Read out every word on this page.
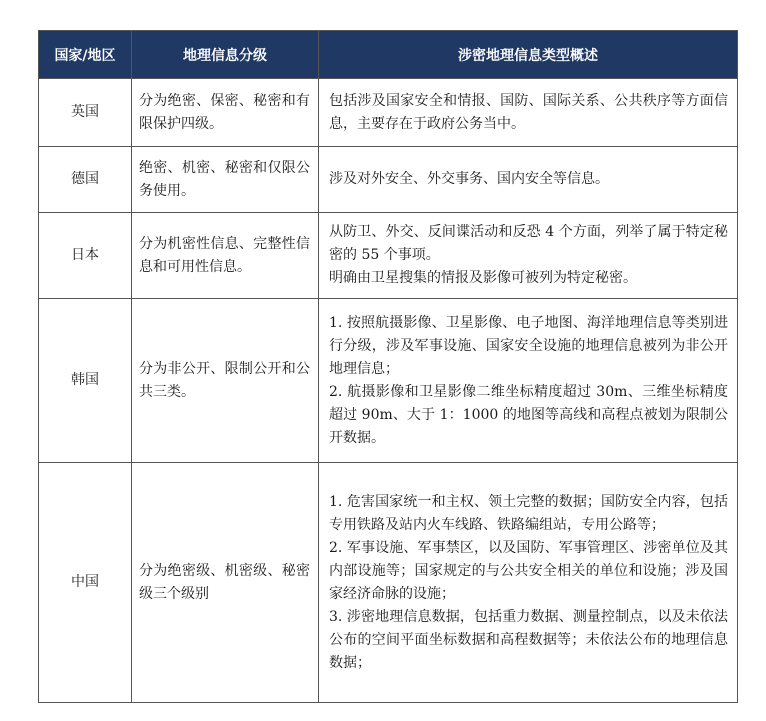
国家/地区	地理信息分级	涉密地理信息类型概述
英国	分为绝密、保密、秘密和有限保护四级。	包括涉及国家安全和情报、国防、国际关系、公共秩序等方面信息，主要存在于政府公务当中。

德国	绝密、机密、秘密和仅限公务使用。	涉及对外安全、外交事务、国内安全等信息。

日本	分为机密性信息、完整性信息和可用性信息。	从防卫、外交、反间谍活动和反恐 4 个方面，列举了属于特定秘密的 55 个事项。
明确由卫星搜集的情报及影像可被列为特定秘密。

韩国	分为非公开、限制公开和公共三类。	1. 按照航摄影像、卫星影像、电子地图、海洋地理信息等类别进行分级，涉及军事设施、国家安全设施的地理信息被列为非公开地理信息；
2. 航摄影像和卫星影像二维坐标精度超过 30m、三维坐标精度超过 90m、大于 1：1000 的地图等高线和高程点被划为限制公开数据。

中国	分为绝密级、机密级、秘密级三个级别	1. 危害国家统一和主权、领土完整的数据；国防安全内容，包括专用铁路及站内火车线路、铁路编组站，专用公路等；
2. 军事设施、军事禁区，以及国防、军事管理区、涉密单位及其内部设施等；国家规定的与公共安全相关的单位和设施；涉及国家经济命脉的设施；
3. 涉密地理信息数据，包括重力数据、测量控制点，以及未依法公布的空间平面坐标数据和高程数据等；未依法公布的地理信息数据；
